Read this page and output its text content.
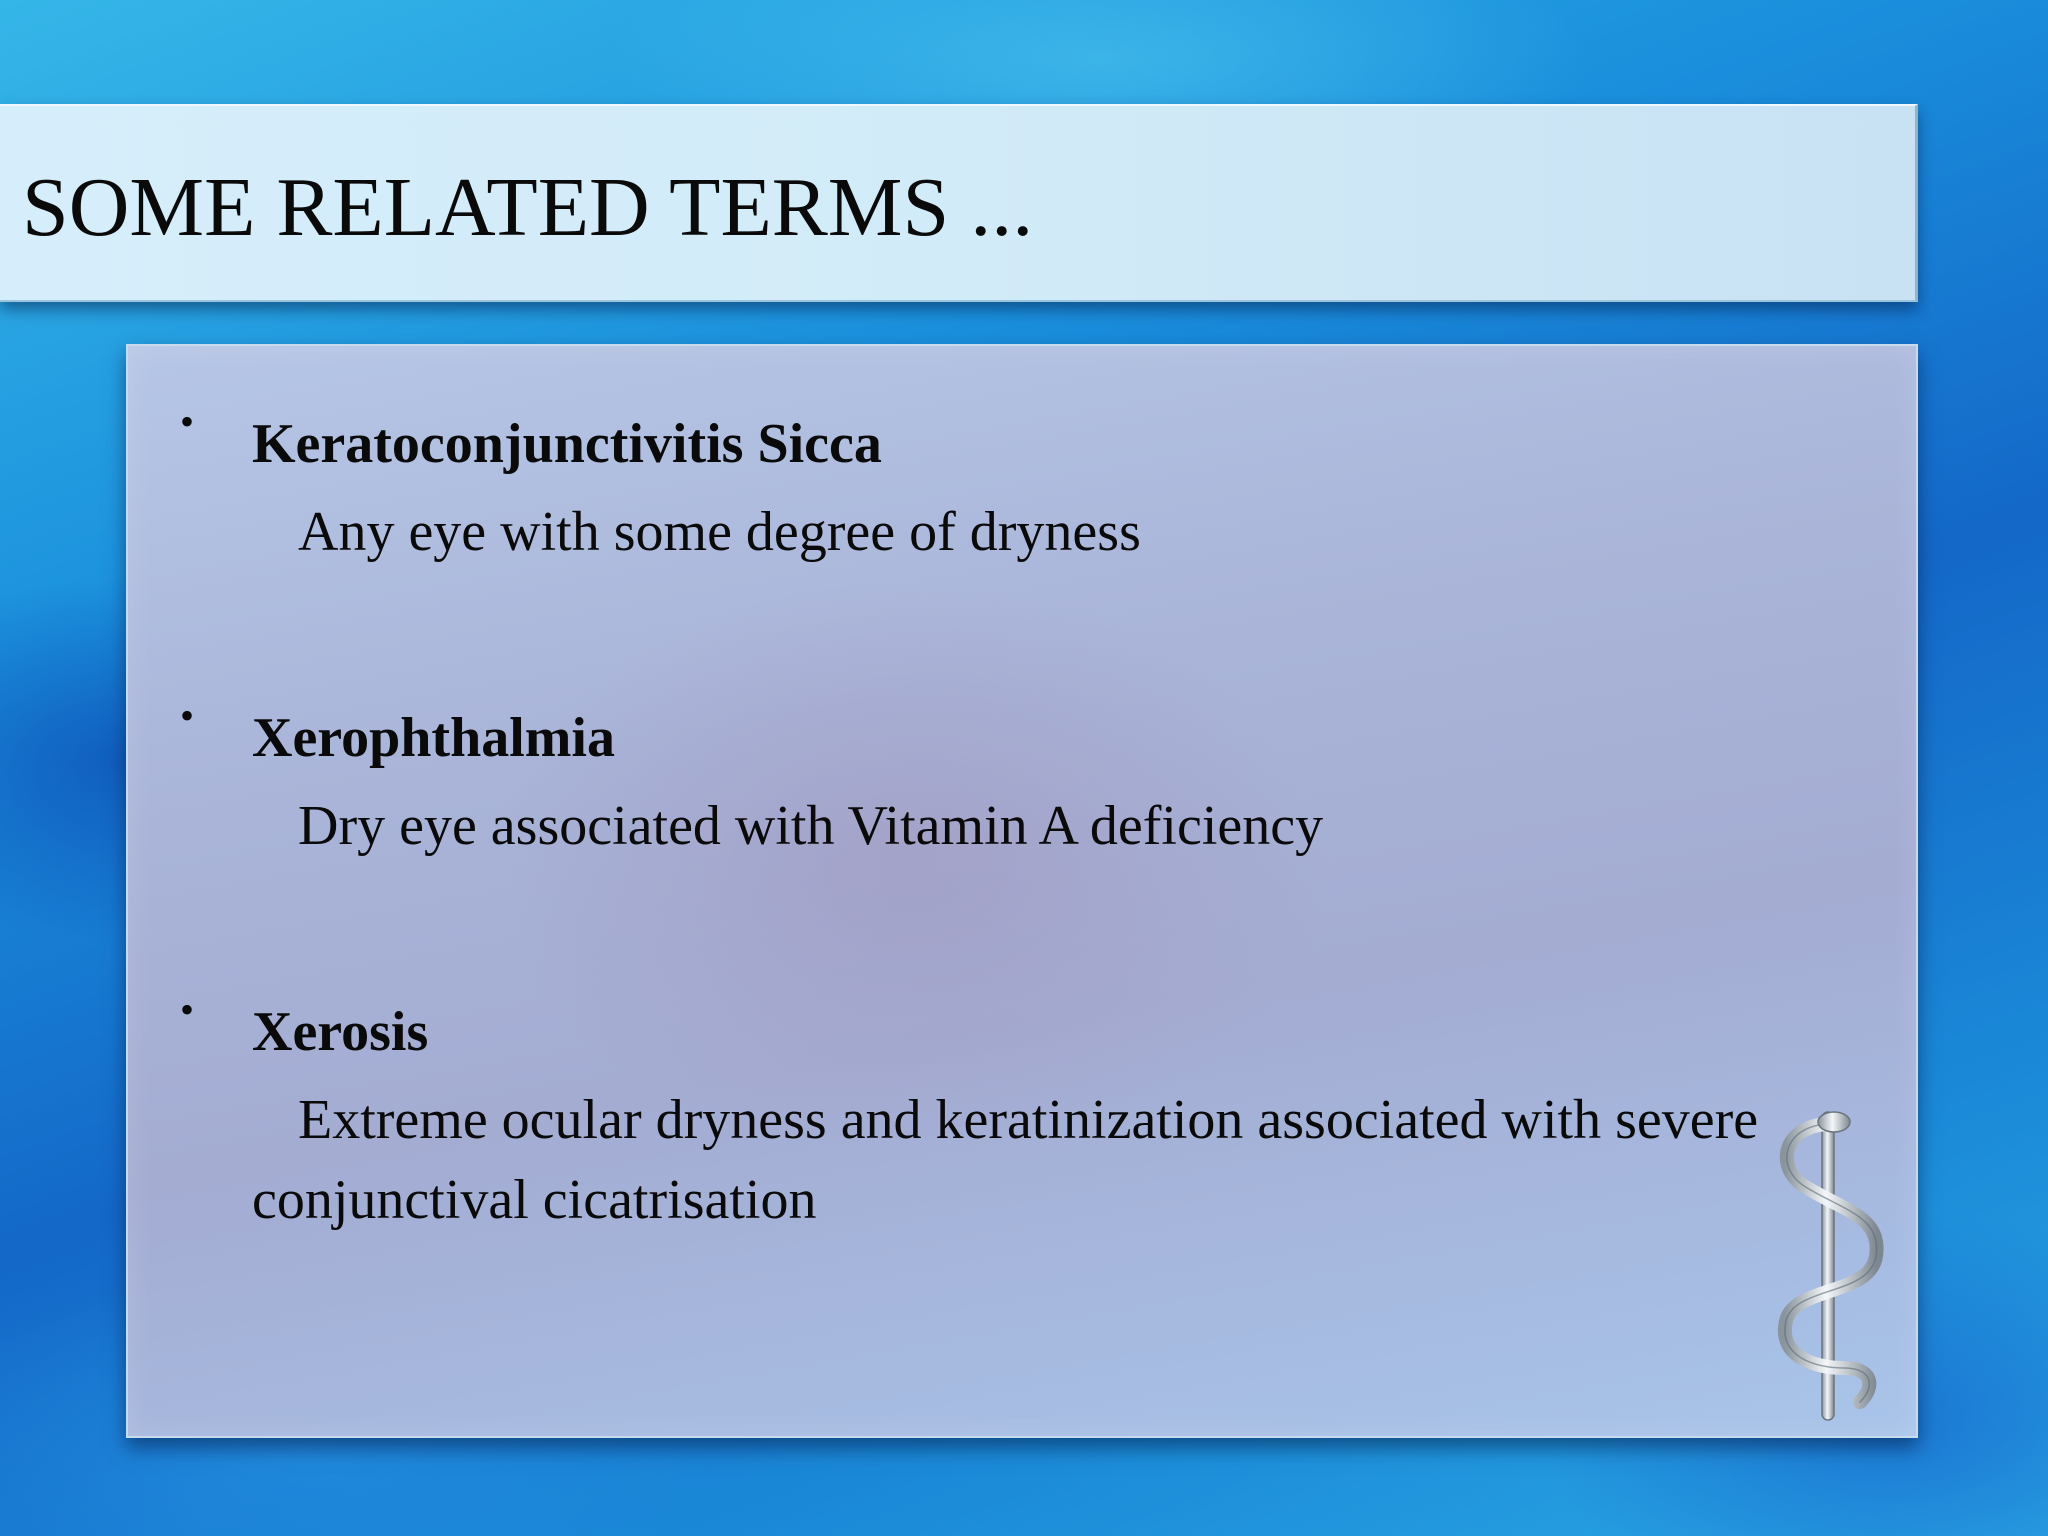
SOME RELATED TERMS ...
• Keratoconjunctivitis Sicca

Any eye with some degree of dryness

• Xerophthalmia

Dry eye associated with Vitamin A deficiency

• Xerosis

Extreme ocular dryness and keratinization associated with severe conjunctival cicatrisation
